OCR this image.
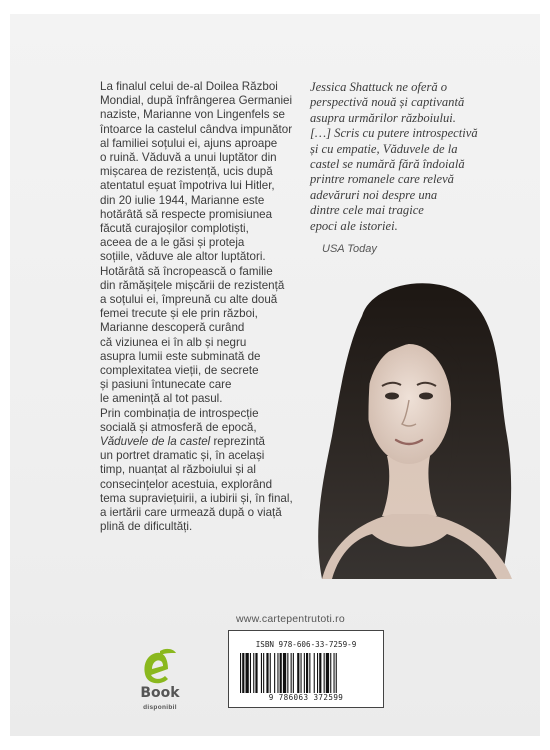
La finalul celui de-al Doilea Război
Mondial, după înfrângerea Germaniei
naziste, Marianne von Lingenfels se
întoarce la castelul cândva impunător
al familiei soțului ei, ajuns aproape
o ruină. Văduvă a unui luptător din
mișcarea de rezistență, ucis după
atentatul eșuat împotriva lui Hitler,
din 20 iulie 1944, Marianne este
hotărâtă să respecte promisiunea
făcută curajoșilor complotiști,
aceea de a le găsi și proteja
soțiile, văduve ale altor luptători.
Hotărâtă să încropească o familie
din rămășițele mișcării de rezistență
a soțului ei, împreună cu alte două
femei trecute și ele prin război,
Marianne descoperă curând
că viziunea ei în alb și negru
asupra lumii este subminată de
complexitatea vieții, de secrete
și pasiuni întunecate care
le amenință al tot pasul.

Prin combinația de introspecție
socială și atmosferă de epocă,
Văduvele de la castel reprezintă
un portret dramatic și, în același
timp, nuanțat al războiului și al
consecințelor acestuia, explorând
tema supraviețuirii, a iubirii și, în final,
a iertării care urmează după o viață
plină de dificultăți.

Jessica Shattuck ne oferă o
perspectivă nouă și captivantă
asupra urmărilor războiului.
[…] Scris cu putere introspectivă
și cu empatie, Văduvele de la
castel se numără fără îndoială
printre romanele care relevă
adevăruri noi despre una
dintre cele mai tragice
epoci ale istoriei.
USA Today
www.cartepentrutoti.ro
Book
disponibil
ISBN 978-606-33-7259-9
9 786063 372599
